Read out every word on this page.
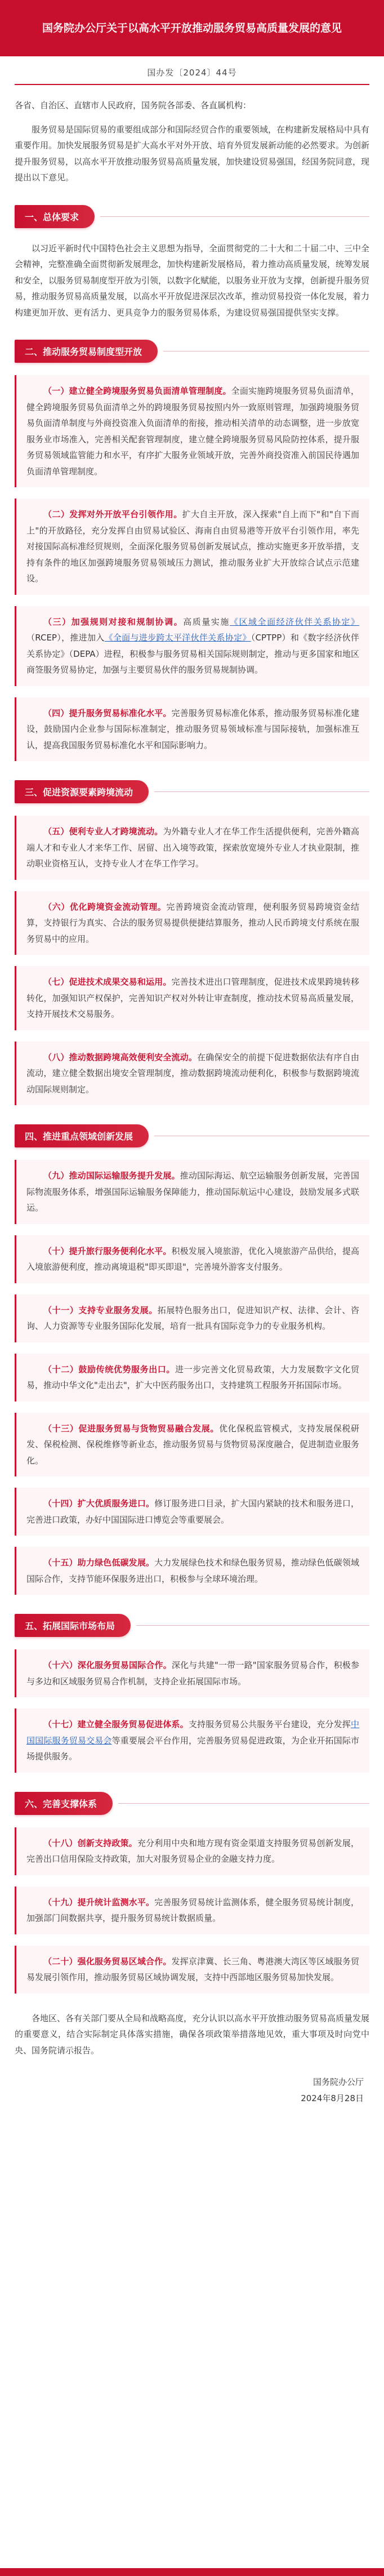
国务院办公厅关于以高水平开放推动服务贸易高质量发展的意见
国办发〔2024〕44号
各省、自治区、直辖市人民政府，国务院各部委、各直属机构：

服务贸易是国际贸易的重要组成部分和国际经贸合作的重要领域，在构建新发展格局中具有重要作用。加快发展服务贸易是扩大高水平对外开放、培育外贸发展新动能的必然要求。为创新提升服务贸易，以高水平开放推动服务贸易高质量发展，加快建设贸易强国，经国务院同意，现提出以下意见。

一、总体要求

以习近平新时代中国特色社会主义思想为指导，全面贯彻党的二十大和二十届二中、三中全会精神，完整准确全面贯彻新发展理念，加快构建新发展格局，着力推动高质量发展，统筹发展和安全，以服务贸易制度型开放为引领，以数字化赋能，以服务业开放为支撑，创新提升服务贸易，推动服务贸易高质量发展，以高水平开放促进深层次改革，推动贸易投资一体化发展，着力构建更加开放、更有活力、更具竞争力的服务贸易体系，为建设贸易强国提供坚实支撑。

二、推动服务贸易制度型开放

（一）建立健全跨境服务贸易负面清单管理制度。全面实施跨境服务贸易负面清单，健全跨境服务贸易负面清单之外的跨境服务贸易按照内外一致原则管理，加强跨境服务贸易负面清单制度与外商投资准入负面清单的衔接，推动相关清单的动态调整，进一步放宽服务业市场准入，完善相关配套管理制度，建立健全跨境服务贸易风险防控体系，提升服务贸易领域监管能力和水平，有序扩大服务业领域开放，完善外商投资准入前国民待遇加负面清单管理制度。

（二）发挥对外开放平台引领作用。扩大自主开放，深入探索"自上而下"和"自下而上"的开放路径，充分发挥自由贸易试验区、海南自由贸易港等开放平台引领作用，率先对接国际高标准经贸规则，全面深化服务贸易创新发展试点，推动实施更多开放举措，支持有条件的地区加强跨境服务贸易领域压力测试，推动服务业扩大开放综合试点示范建设。

（三）加强规则对接和规制协调。高质量实施《区域全面经济伙伴关系协定》（RCEP），推进加入《全面与进步跨太平洋伙伴关系协定》（CPTPP）和《数字经济伙伴关系协定》（DEPA）进程，积极参与服务贸易相关国际规则制定，推动与更多国家和地区商签服务贸易协定，加强与主要贸易伙伴的服务贸易规制协调。

（四）提升服务贸易标准化水平。完善服务贸易标准化体系，推动服务贸易标准化建设，鼓励国内企业参与国际标准制定，推动服务贸易领域标准与国际接轨，加强标准互认，提高我国服务贸易标准化水平和国际影响力。

三、促进资源要素跨境流动

（五）便利专业人才跨境流动。为外籍专业人才在华工作生活提供便利，完善外籍高端人才和专业人才来华工作、居留、出入境等政策，探索放宽境外专业人才执业限制，推动职业资格互认，支持专业人才在华工作学习。

（六）优化跨境资金流动管理。完善跨境资金流动管理，便利服务贸易跨境资金结算，支持银行为真实、合法的服务贸易提供便捷结算服务，推动人民币跨境支付系统在服务贸易中的应用。

（七）促进技术成果交易和运用。完善技术进出口管理制度，促进技术成果跨境转移转化，加强知识产权保护，完善知识产权对外转让审查制度，推动技术贸易高质量发展，支持开展技术交易服务。

（八）推动数据跨境高效便利安全流动。在确保安全的前提下促进数据依法有序自由流动，建立健全数据出境安全管理制度，推动数据跨境流动便利化，积极参与数据跨境流动国际规则制定。

四、推进重点领域创新发展

（九）推动国际运输服务提升发展。推动国际海运、航空运输服务创新发展，完善国际物流服务体系，增强国际运输服务保障能力，推动国际航运中心建设，鼓励发展多式联运。

（十）提升旅行服务便利化水平。积极发展入境旅游，优化入境旅游产品供给，提高入境旅游便利度，推动离境退税"即买即退"，完善境外游客支付服务。

（十一）支持专业服务发展。拓展特色服务出口，促进知识产权、法律、会计、咨询、人力资源等专业服务国际化发展，培育一批具有国际竞争力的专业服务机构。

（十二）鼓励传统优势服务出口。进一步完善文化贸易政策，大力发展数字文化贸易，推动中华文化"走出去"，扩大中医药服务出口，支持建筑工程服务开拓国际市场。

（十三）促进服务贸易与货物贸易融合发展。优化保税监管模式，支持发展保税研发、保税检测、保税维修等新业态，推动服务贸易与货物贸易深度融合，促进制造业服务化。

（十四）扩大优质服务进口。修订服务进口目录，扩大国内紧缺的技术和服务进口，完善进口政策，办好中国国际进口博览会等重要展会。

（十五）助力绿色低碳发展。大力发展绿色技术和绿色服务贸易，推动绿色低碳领域国际合作，支持节能环保服务进出口，积极参与全球环境治理。

五、拓展国际市场布局

（十六）深化服务贸易国际合作。深化与共建"一带一路"国家服务贸易合作，积极参与多边和区域服务贸易合作机制，支持企业拓展国际市场。

（十七）建立健全服务贸易促进体系。支持服务贸易公共服务平台建设，充分发挥中国国际服务贸易交易会等重要展会平台作用，完善服务贸易促进政策，为企业开拓国际市场提供服务。

六、完善支撑体系

（十八）创新支持政策。充分利用中央和地方现有资金渠道支持服务贸易创新发展，完善出口信用保险支持政策，加大对服务贸易企业的金融支持力度。

（十九）提升统计监测水平。完善服务贸易统计监测体系，健全服务贸易统计制度，加强部门间数据共享，提升服务贸易统计数据质量。

（二十）强化服务贸易区域合作。发挥京津冀、长三角、粤港澳大湾区等区域服务贸易发展引领作用，推动服务贸易区域协调发展，支持中西部地区服务贸易加快发展。

各地区、各有关部门要从全局和战略高度，充分认识以高水平开放推动服务贸易高质量发展的重要意义，结合实际制定具体落实措施，确保各项政策举措落地见效，重大事项及时向党中央、国务院请示报告。

国务院办公厅
2024年8月28日
